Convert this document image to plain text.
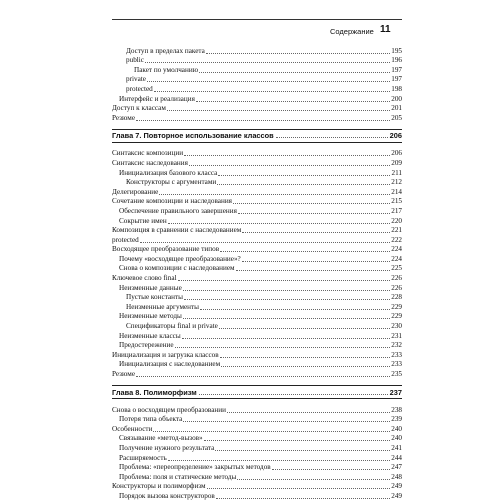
Содержание 11
Доступ в пределах пакета	195
public	196
Пакет по умолчанию	197
private	197
protected	198
Интерфейс и реализация	200
Доступ к классам	201
Резюме	205
Глава 7. Повторное использование классов	206
Синтаксис композиции	206
Синтаксис наследования	209
Инициализация базового класса	211
Конструкторы с аргументами	212
Делегирование	214
Сочетание композиции и наследования	215
Обеспечение правильного завершения	217
Сокрытие имен	220
Композиция в сравнении с наследованием	221
protected	222
Восходящее преобразование типов	224
Почему «восходящее преобразование»?	224
Снова о композиции с наследованием	225
Ключевое слово final	226
Неизменные данные	226
Пустые константы	228
Неизменные аргументы	229
Неизменные методы	229
Спецификаторы final и private	230
Неизменные классы	231
Предостережение	232
Инициализация и загрузка классов	233
Инициализация с наследованием	233
Резюме	235
Глава 8. Полиморфизм	237
Снова о восходящем преобразовании	238
Потеря типа объекта	239
Особенности	240
Связывание «метод-вызов»	240
Получение нужного результата	241
Расширяемость	244
Проблема: «переопределение» закрытых методов	247
Проблема: поля и статические методы	248
Конструкторы и полиморфизм	249
Порядок вызова конструкторов	249
